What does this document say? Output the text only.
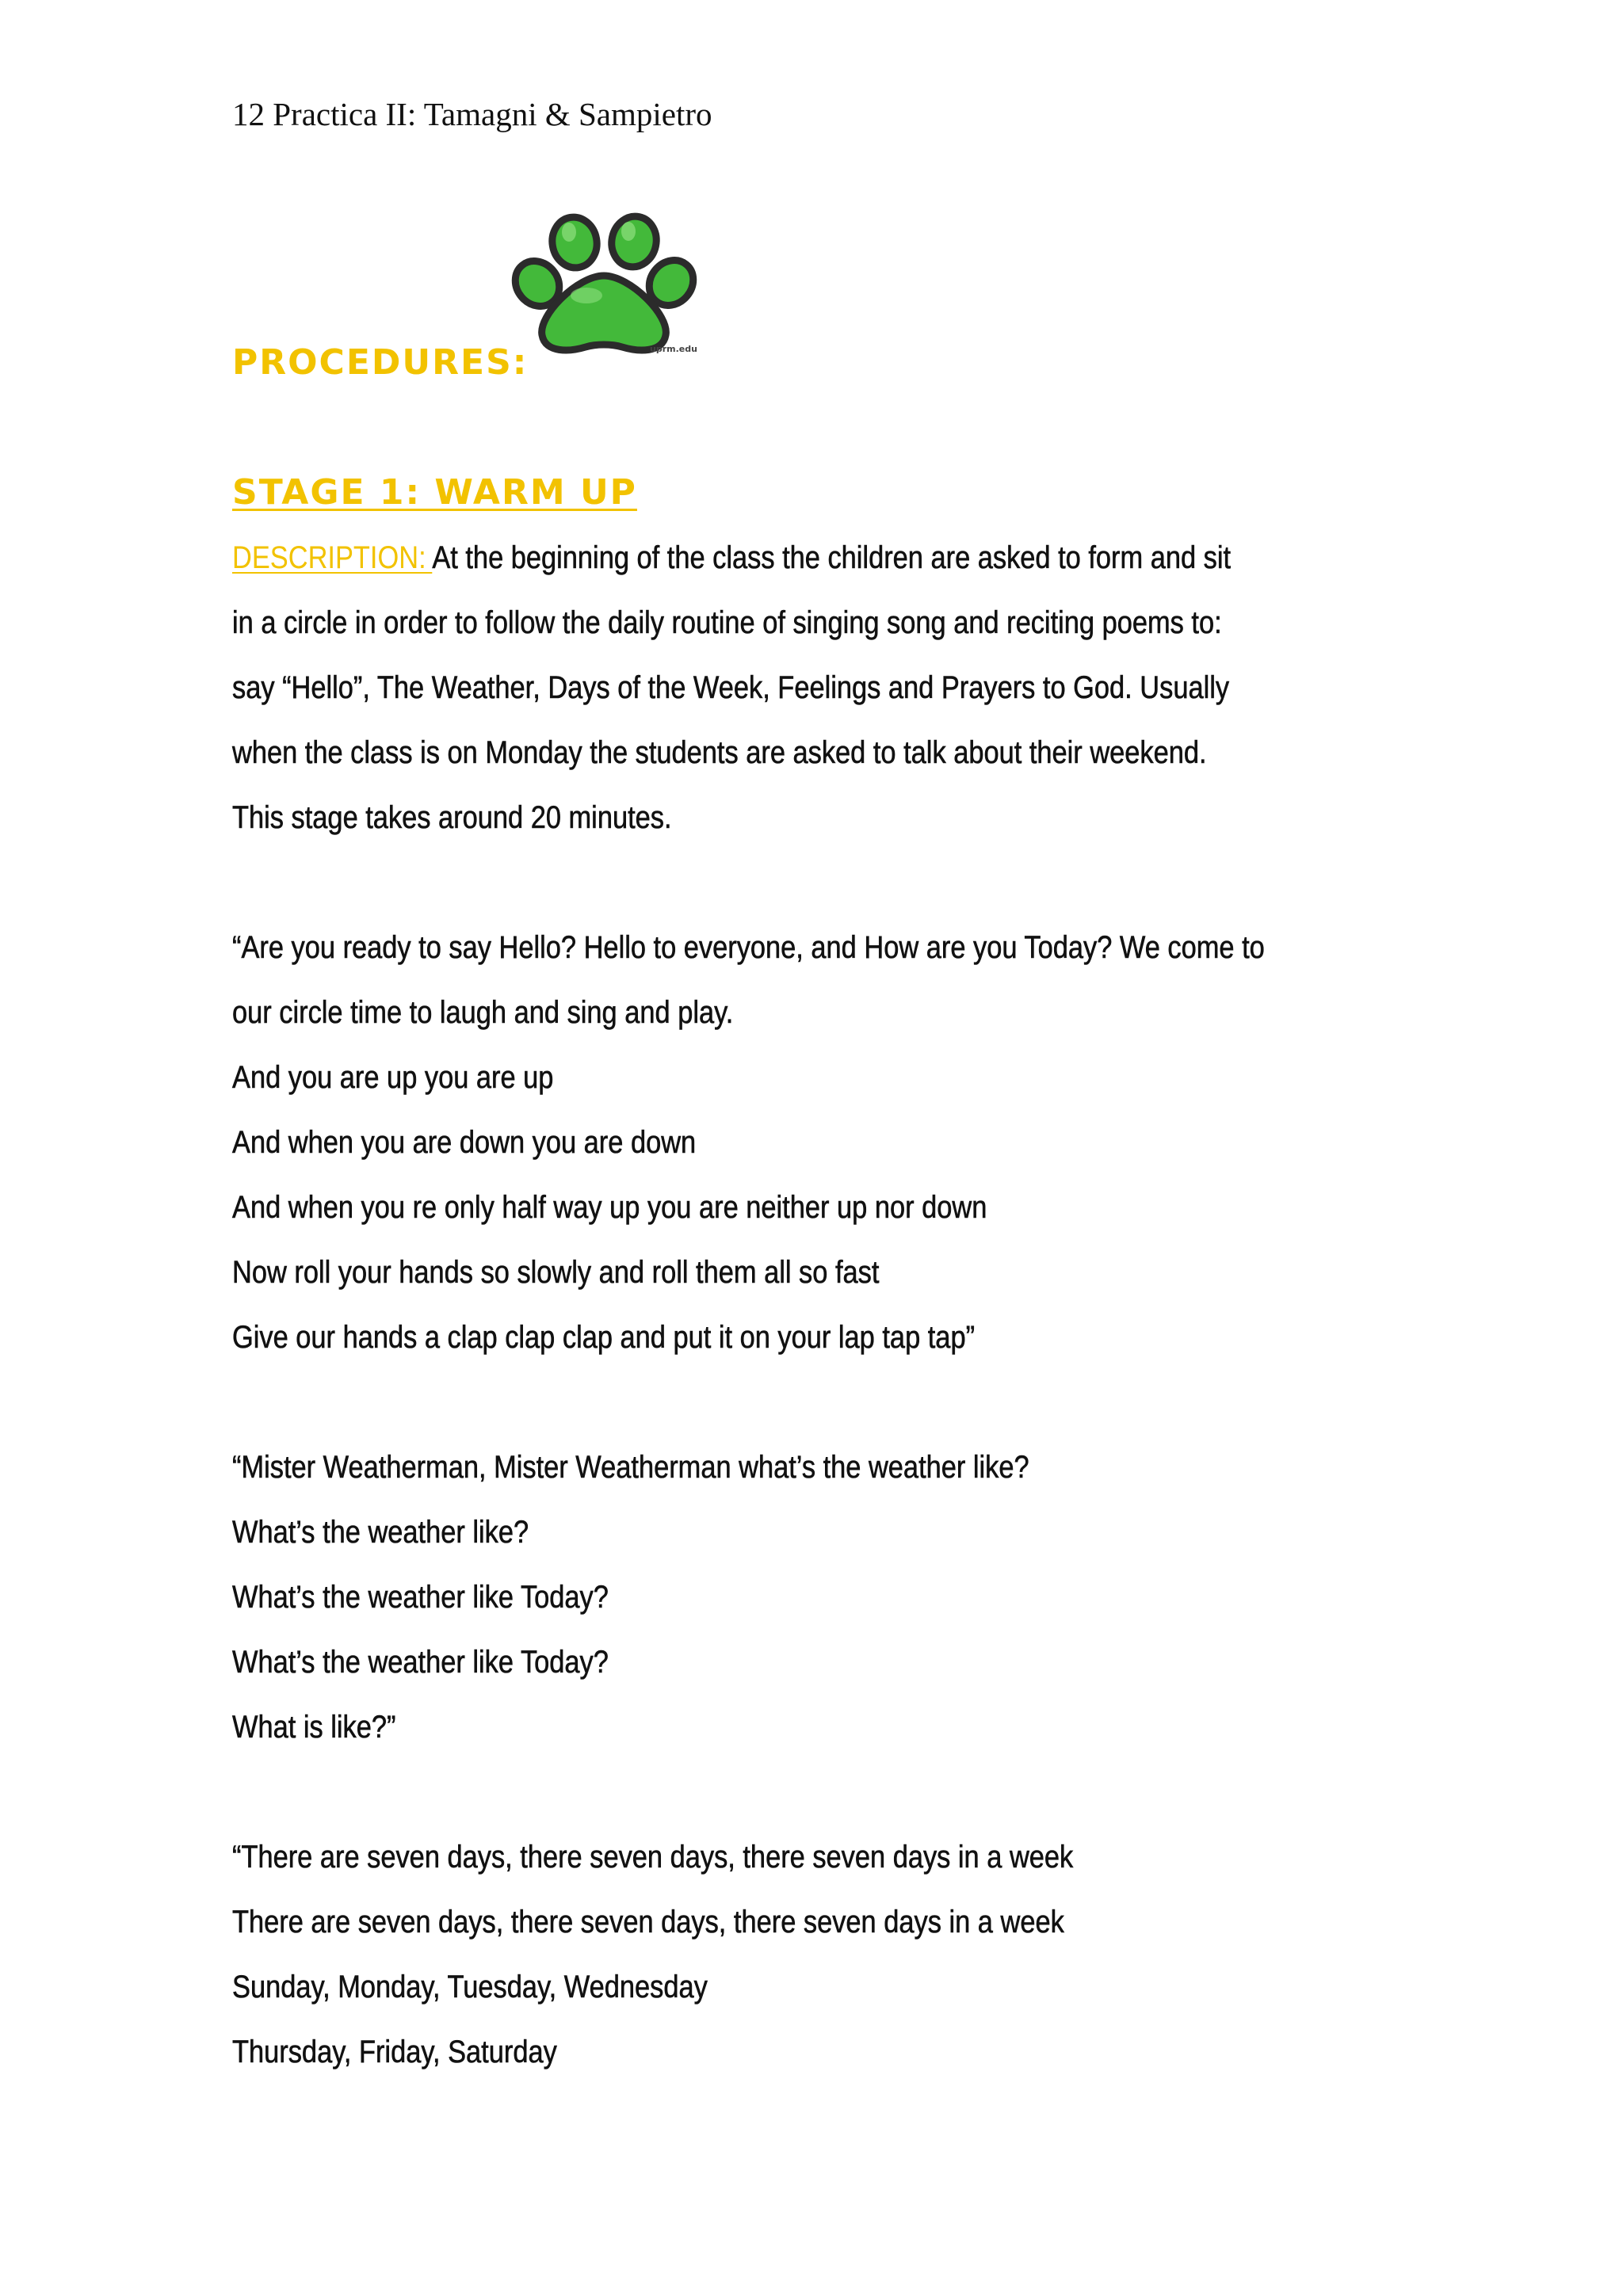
12 Practica II: Tamagni & Sampietro
uprm.edu
PROCEDURES:
STAGE 1: WARM UP
DESCRIPTION: At the beginning of the class the children are asked to form and sit
in a circle in order to follow the daily routine of singing song and reciting poems to:
say “Hello”, The Weather, Days of the Week, Feelings and Prayers to God. Usually
when the class is on Monday the students are asked to talk about their weekend.
This stage takes around 20 minutes.
“Are you ready to say Hello? Hello to everyone, and How are you Today? We come to
our circle time to laugh and sing and play.
And you are up you are up
And when you are down you are down
And when you re only half way up you are neither up nor down
Now roll your hands so slowly and roll them all so fast
Give our hands a clap clap clap and put it on your lap tap tap”
“Mister Weatherman, Mister Weatherman what’s the weather like?
What’s the weather like?
What’s the weather like Today?
What’s the weather like Today?
What is like?”
“There are seven days, there seven days, there seven days in a week
There are seven days, there seven days, there seven days in a week
Sunday, Monday, Tuesday, Wednesday
Thursday, Friday, Saturday
